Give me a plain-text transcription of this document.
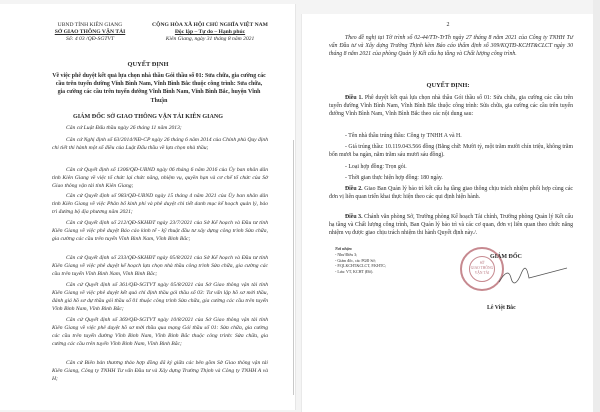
UBND TỈNH KIÊN GIANG
SỞ GIAO THÔNG VẬN TẢI
Số: 4 03 /QĐ-SGTVT
CỘNG HÒA XÃ HỘI CHỦ NGHĨA VIỆT NAM
Độc lập – Tự do – Hạnh phúc
Kiên Giang, ngày 31 tháng 8 năm 2021
QUYẾT ĐỊNH
Về việc phê duyệt kết quả lựa chọn nhà thầu Gói thầu số 01: Sửa chữa, gia cường các cầu trên tuyến đường Vĩnh Bình Nam, Vĩnh Bình Bắc thuộc công trình: Sửa chữa, gia cường các cầu trên tuyến đường Vĩnh Bình Nam, Vĩnh Bình Bắc, huyện Vĩnh Thuận
GIÁM ĐỐC SỞ GIAO THÔNG VẬN TẢI KIÊN GIANG
Căn cứ Luật Đấu thầu ngày 26 tháng 11 năm 2013;
Căn cứ Nghị định số 63/2014/NĐ-CP ngày 26 tháng 6 năm 2014 của Chính phủ Quy định chi tiết thi hành một số điều của Luật Đấu thầu về lựa chọn nhà thầu;
Căn cứ Quyết định số 1306/QĐ-UBND ngày 06 tháng 6 năm 2016 của Ủy ban nhân dân tỉnh Kiên Giang về việc tổ chức lại chức năng, nhiệm vụ, quyền hạn và cơ chế tổ chức của Sở Giao thông vận tải tỉnh Kiên Giang;
Căn cứ Quyết định số 983/QĐ-UBND ngày 15 tháng 4 năm 2021 của Ủy ban nhân dân tỉnh Kiên Giang về việc Phân bổ kinh phí và phê duyệt chi tiết danh mục kế hoạch quản lý, bảo trì đường bộ địa phương năm 2021;
Căn cứ Quyết định số 212/QĐ-SKHĐT ngày 23/7/2021 của Sở Kế hoạch và Đầu tư tỉnh Kiên Giang về việc phê duyệt Báo cáo kinh tế - kỹ thuật đầu tư xây dựng công trình Sửa chữa, gia cường các cầu trên tuyến Vĩnh Bình Nam, Vĩnh Bình Bắc;
Căn cứ Quyết định số 233/QĐ-SKHĐT ngày 05/8/2021 của Sở Kế hoạch và Đầu tư tỉnh Kiên Giang về việc phê duyệt kế hoạch lựa chọn nhà thầu công trình Sửa chữa, gia cường các cầu trên tuyến Vĩnh Bình Nam, Vĩnh Bình Bắc;
Căn cứ Quyết định số 361/QĐ-SGTVT ngày 05/8/2021 của Sở Giao thông vận tải tỉnh Kiên Giang về việc phê duyệt kết quả chỉ định thầu gói thầu số 03: Tư vấn lập hồ sơ mời thầu, đánh giá hồ sơ dự thầu gói thầu số 01 thuộc công trình Sửa chữa, gia cường các cầu trên tuyến Vĩnh Bình Nam, Vĩnh Bình Bắc;
Căn cứ Quyết định số 369/QĐ-SGTVT ngày 10/8/2021 của Sở Giao thông vận tải tỉnh Kiên Giang về việc phê duyệt hồ sơ mời thầu qua mạng Gói thầu số 01: Sửa chữa, gia cường các cầu trên tuyến đường Vĩnh Bình Nam, Vĩnh Bình Bắc thuộc công trình: Sửa chữa, gia cường các cầu trên tuyến Vĩnh Bình Nam, Vĩnh Bình Bắc;
Căn cứ Biên bản thương thảo hợp đồng đã ký giữa các bên gồm Sở Giao thông vận tải Kiên Giang, Công ty TNHH Tư vấn Đầu tư và Xây dựng Trường Thịnh và Công ty TNHH A và H;
2
Theo đề nghị tại Tờ trình số 02-44/TTr-TrTh ngày 27 tháng 8 năm 2021 của Công ty TNHH Tư vấn Đầu tư và Xây dựng Trường Thịnh kèm Báo cáo thẩm định số 309/KQTĐ-KCHT&CLCT ngày 30 tháng 8 năm 2021 của phòng Quản lý Kết cấu hạ tầng và Chất lượng công trình.
QUYẾT ĐỊNH:
Điều 1. Phê duyệt kết quả lựa chọn nhà thầu Gói thầu số 01: Sửa chữa, gia cường các cầu trên tuyến đường Vĩnh Bình Nam, Vĩnh Bình Bắc thuộc công trình: Sửa chữa, gia cường các cầu trên tuyến đường Vĩnh Bình Nam, Vĩnh Bình Bắc theo các nội dung sau:
- Tên nhà thầu trúng thầu: Công ty TNHH A và H.
- Giá trúng thầu: 10.119.043.566 đồng (Bằng chữ: Mười tỷ, một trăm mười chín triệu, không trăm bốn mươi ba ngàn, năm trăm sáu mươi sáu đồng).
- Loại hợp đồng: Trọn gói.
- Thời gian thực hiện hợp đồng: 180 ngày.
Điều 2. Giao Ban Quản lý bảo trì kết cấu hạ tầng giao thông chịu trách nhiệm phối hợp cùng các đơn vị liên quan triển khai thực hiện theo các qui định hiện hành.
Điều 3. Chánh văn phòng Sở, Trưởng phòng Kế hoạch Tài chính, Trưởng phòng Quản lý Kết cấu hạ tầng và Chất lượng công trình, Ban Quản lý bảo trì và các cơ quan, đơn vị liên quan theo chức năng nhiệm vụ được giao chịu trách nhiệm thi hành Quyết định này./.
Nơi nhận:
- Như Điều 3;
- Giám đốc, các PGĐ Sở;
- P.QLKCHT&CLCT, P.KHTC;
- Lưu: VT, KCHT (Đô).
SỞ
GIAO THÔNG
VẬN TẢI
GIÁM ĐỐC
Lê Việt Bắc
